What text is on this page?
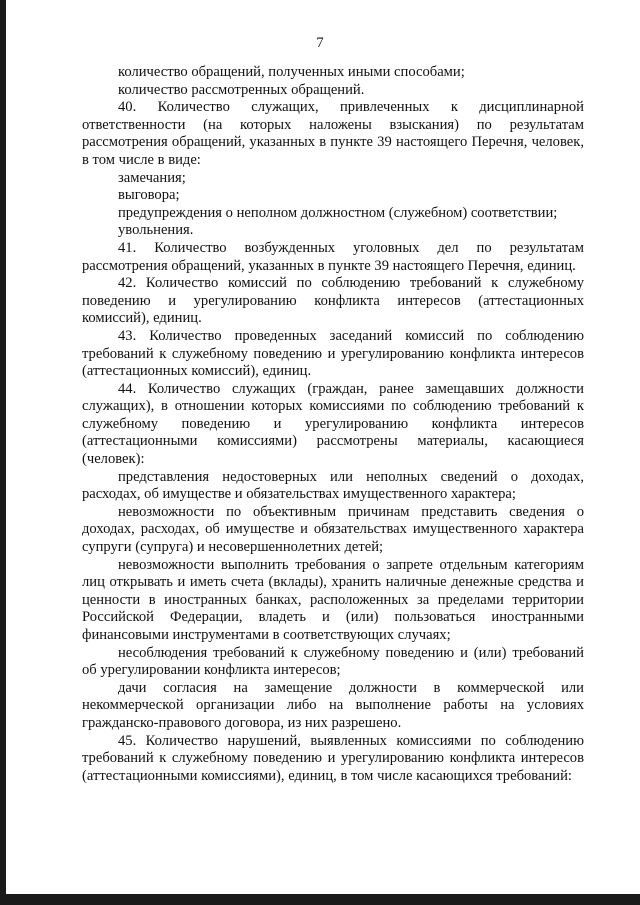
7

количество обращений, полученных иными способами;

количество рассмотренных обращений.

40. Количество служащих, привлеченных к дисциплинарной ответственности (на которых наложены взыскания) по результатам рассмотрения обращений, указанных в пункте 39 настоящего Перечня, человек, в том числе в виде:

замечания;

выговора;

предупреждения о неполном должностном (служебном) соответствии;

увольнения.

41. Количество возбужденных уголовных дел по результатам рассмотрения обращений, указанных в пункте 39 настоящего Перечня, единиц.

42. Количество комиссий по соблюдению требований к служебному поведению и урегулированию конфликта интересов (аттестационных комиссий), единиц.

43. Количество проведенных заседаний комиссий по соблюдению требований к служебному поведению и урегулированию конфликта интересов (аттестационных комиссий), единиц.

44. Количество служащих (граждан, ранее замещавших должности служащих), в отношении которых комиссиями по соблюдению требований к служебному поведению и урегулированию конфликта интересов (аттестационными комиссиями) рассмотрены материалы, касающиеся (человек):

представления недостоверных или неполных сведений о доходах, расходах, об имуществе и обязательствах имущественного характера;

невозможности по объективным причинам представить сведения о доходах, расходах, об имуществе и обязательствах имущественного характера супруги (супруга) и несовершеннолетних детей;

невозможности выполнить требования о запрете отдельным категориям лиц открывать и иметь счета (вклады), хранить наличные денежные средства и ценности в иностранных банках, расположенных за пределами территории Российской Федерации, владеть и (или) пользоваться иностранными финансовыми инструментами в соответствующих случаях;

несоблюдения требований к служебному поведению и (или) требований об урегулировании конфликта интересов;

дачи согласия на замещение должности в коммерческой или некоммерческой организации либо на выполнение работы на условиях гражданско-правового договора, из них разрешено.

45. Количество нарушений, выявленных комиссиями по соблюдению требований к служебному поведению и урегулированию конфликта интересов (аттестационными комиссиями), единиц, в том числе касающихся требований:
